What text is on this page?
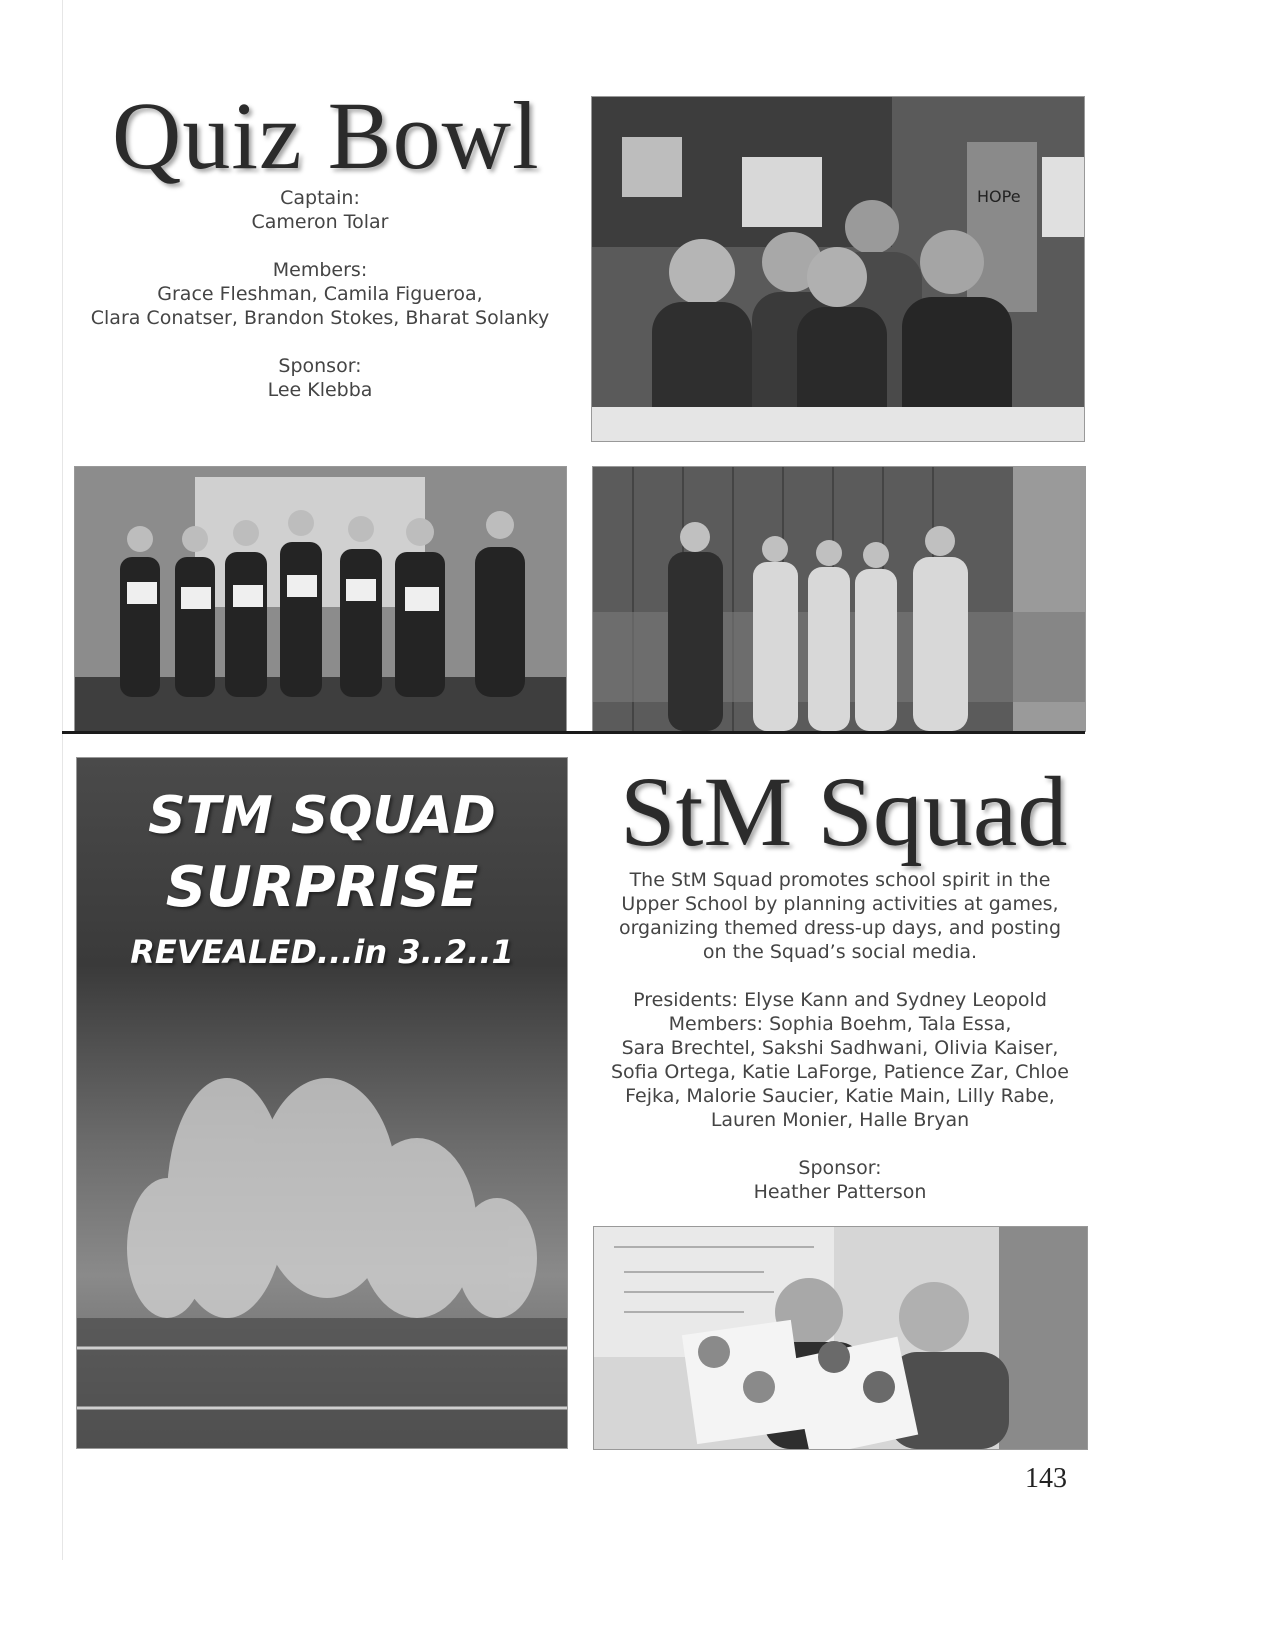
Quiz Bowl

Captain:

Cameron Tolar

Members:

Grace Fleshman, Camila Figueroa,

Clara Conatser, Brandon Stokes, Bharat Solanky

Sponsor:

Lee Klebba

HOPe

STM SQUAD

SURPRISE

REVEALED...in 3..2..1

StM Squad

The StM Squad promotes school spirit in the

Upper School by planning activities at games,

organizing themed dress-up days, and posting

on the Squad’s social media.

Presidents: Elyse Kann and Sydney Leopold

Members: Sophia Boehm, Tala Essa,

Sara Brechtel, Sakshi Sadhwani, Olivia Kaiser,

Sofia Ortega, Katie LaForge, Patience Zar, Chloe

Fejka, Malorie Saucier, Katie Main, Lilly Rabe,

Lauren Monier, Halle Bryan

Sponsor:

Heather Patterson

143
